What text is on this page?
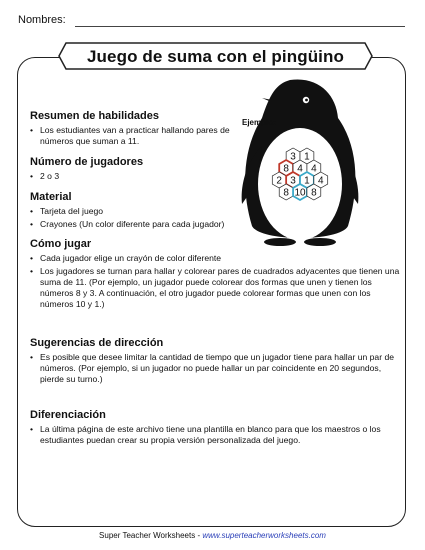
Nombres:
Juego de suma con el pingüino
3 1
8 4 4
2 3 1 4
8 10 8
Ejemplo:
Resumen de habilidades
• Los estudiantes van a practicar hallando pares de números que suman a 11.
Número de jugadores
• 2 o 3
Material
• Tarjeta del juego
• Crayones (Un color diferente para cada jugador)
Cómo jugar
• Cada jugador elige un crayón de color diferente
• Los jugadores se turnan para hallar y colorear pares de cuadrados adyacentes que tienen una suma de 11. (Por ejemplo, un jugador puede colorear dos formas que unen y tienen los números 8 y 3. A continuación, el otro jugador puede colorear formas que unen con los números 10 y 1.)
Sugerencias de dirección
• Es posible que desee limitar la cantidad de tiempo que un jugador tiene para hallar un par de números. (Por ejemplo, si un jugador no puede hallar un par coincidente en 20 segundos, pierde su turno.)
Diferenciación
• La última página de este archivo tiene una plantilla en blanco para que los maestros o los estudiantes puedan crear su propia versión personalizada del juego.
Super Teacher Worksheets - www.superteacherworksheets.com
